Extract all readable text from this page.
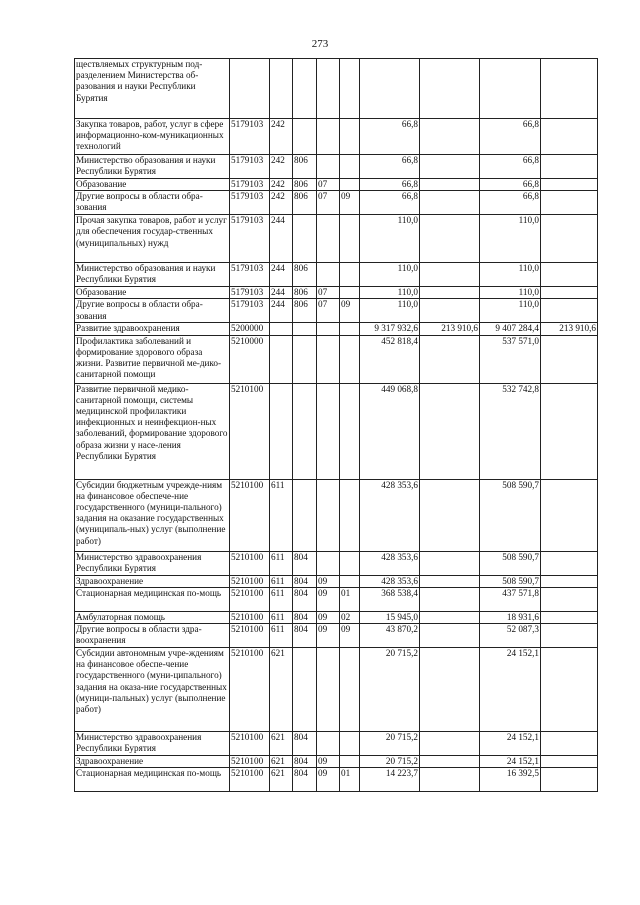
273
ществляемых структурным под-разделением Министерства об-разования и науки Республики Бурятия									
Закупка товаров, работ, услуг в сфере информационно-ком-муникационных технологий	5179103	242				66,8		66,8	
Министерство образования и науки Республики Бурятия	5179103	242	806			66,8		66,8	
Образование	5179103	242	806	07		66,8		66,8	
Другие вопросы в области обра-зования	5179103	242	806	07	09	66,8		66,8	
Прочая закупка товаров, работ и услуг для обеспечения государ-ственных (муниципальных) нужд	5179103	244				110,0		110,0	
Министерство образования и науки Республики Бурятия	5179103	244	806			110,0		110,0	
Образование	5179103	244	806	07		110,0		110,0	
Другие вопросы в области обра-зования	5179103	244	806	07	09	110,0		110,0	
Развитие здравоохранения	5200000					9 317 932,6	213 910,6	9 407 284,4	213 910,6
Профилактика заболеваний и формирование здорового образа жизни. Развитие первичной ме-дико-санитарной помощи	5210000					452 818,4		537 571,0	
Развитие первичной медико-санитарной помощи, системы медицинской профилактики инфекционных и неинфекцион-ных заболеваний, формирование здорового образа жизни у насе-ления Республики Бурятия	5210100					449 068,8		532 742,8	
Субсидии бюджетным учрежде-ниям на финансовое обеспече-ние государственного (муници-пального) задания на оказание государственных (муниципаль-ных) услуг (выполнение работ)	5210100	611				428 353,6		508 590,7	
Министерство здравоохранения Республики Бурятия	5210100	611	804			428 353,6		508 590,7	
Здравоохранение	5210100	611	804	09		428 353,6		508 590,7	
Стационарная медицинская по-мощь	5210100	611	804	09	01	368 538,4		437 571,8	
Амбулаторная помощь	5210100	611	804	09	02	15 945,0		18 931,6	
Другие вопросы в области здра-воохранения	5210100	611	804	09	09	43 870,2		52 087,3	
Субсидии автономным учре-ждениям на финансовое обеспе-чение государственного (муни-ципального) задания на оказа-ние государственных (муници-пальных) услуг (выполнение работ)	5210100	621				20 715,2		24 152,1	
Министерство здравоохранения Республики Бурятия	5210100	621	804			20 715,2		24 152,1	
Здравоохранение	5210100	621	804	09		20 715,2		24 152,1	
Стационарная медицинская по-мощь	5210100	621	804	09	01	14 223,7		16 392,5	
